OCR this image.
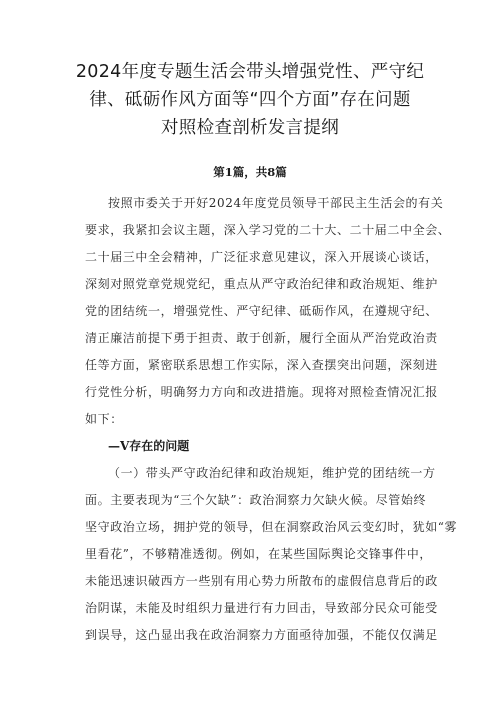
2024年度专题生活会带头增强党性、严守纪
律、砥砺作风方面等“四个方面”存在问题
对照检查剖析发言提纲
第1篇，共8篇
按照市委关于开好2024年度党员领导干部民主生活会的有关
要求，我紧扣会议主题，深入学习党的二十大、二十届二中全会、
二十届三中全会精神，广泛征求意见建议，深入开展谈心谈话，
深刻对照党章党规党纪，重点从严守政治纪律和政治规矩、维护
党的团结统一，增强党性、严守纪律、砥砺作风，在遵规守纪、
清正廉洁前提下勇于担责、敢于创新，履行全面从严治党政治责
任等方面，紧密联系思想工作实际，深入查摆突出问题，深刻进
行党性分析，明确努力方向和改进措施。现将对照检查情况汇报
如下：
—V存在的问题
（一）带头严守政治纪律和政治规矩，维护党的团结统一方
面。主要表现为“三个欠缺”：政治洞察力欠缺火候。尽管始终
坚守政治立场，拥护党的领导，但在洞察政治风云变幻时，犹如“雾
里看花”，不够精准透彻。例如，在某些国际舆论交锋事件中，
未能迅速识破西方一些别有用心势力所散布的虚假信息背后的政
治阴谋，未能及时组织力量进行有力回击，导致部分民众可能受
到误导，这凸显出我在政治洞察力方面亟待加强，不能仅仅满足
